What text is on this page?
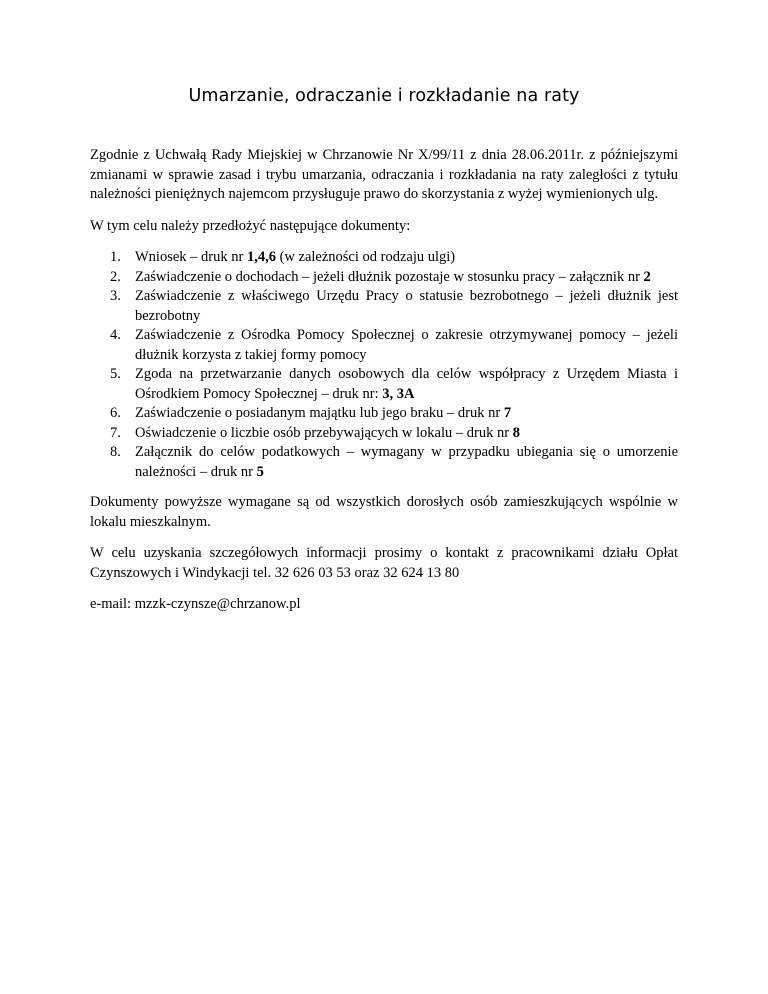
Umarzanie, odraczanie i rozkładanie na raty

Zgodnie z Uchwałą Rady Miejskiej w Chrzanowie Nr X/99/11 z dnia 28.06.2011r. z późniejszymi zmianami w sprawie zasad i trybu umarzania, odraczania i rozkładania na raty zaległości z tytułu należności pieniężnych najemcom przysługuje prawo do skorzystania z wyżej wymienionych ulg.

W tym celu należy przedłożyć następujące dokumenty:

1. Wniosek – druk nr 1,4,6 (w zależności od rodzaju ulgi)
2. Zaświadczenie o dochodach – jeżeli dłużnik pozostaje w stosunku pracy – załącznik nr 2
3. Zaświadczenie z właściwego Urzędu Pracy o statusie bezrobotnego – jeżeli dłużnik jest bezrobotny
4. Zaświadczenie z Ośrodka Pomocy Społecznej o zakresie otrzymywanej pomocy – jeżeli dłużnik korzysta z takiej formy pomocy
5. Zgoda na przetwarzanie danych osobowych dla celów współpracy z Urzędem Miasta i Ośrodkiem Pomocy Społecznej – druk nr: 3, 3A
6. Zaświadczenie o posiadanym majątku lub jego braku – druk nr 7
7. Oświadczenie o liczbie osób przebywających w lokalu – druk nr 8
8. Załącznik do celów podatkowych – wymagany w przypadku ubiegania się o umorzenie należności – druk nr 5

Dokumenty powyższe wymagane są od wszystkich dorosłych osób zamieszkujących wspólnie w lokalu mieszkalnym.

W celu uzyskania szczegółowych informacji prosimy o kontakt z pracownikami działu Opłat Czynszowych i Windykacji tel. 32 626 03 53 oraz 32 624 13 80

e-mail: mzzk-czynsze@chrzanow.pl
